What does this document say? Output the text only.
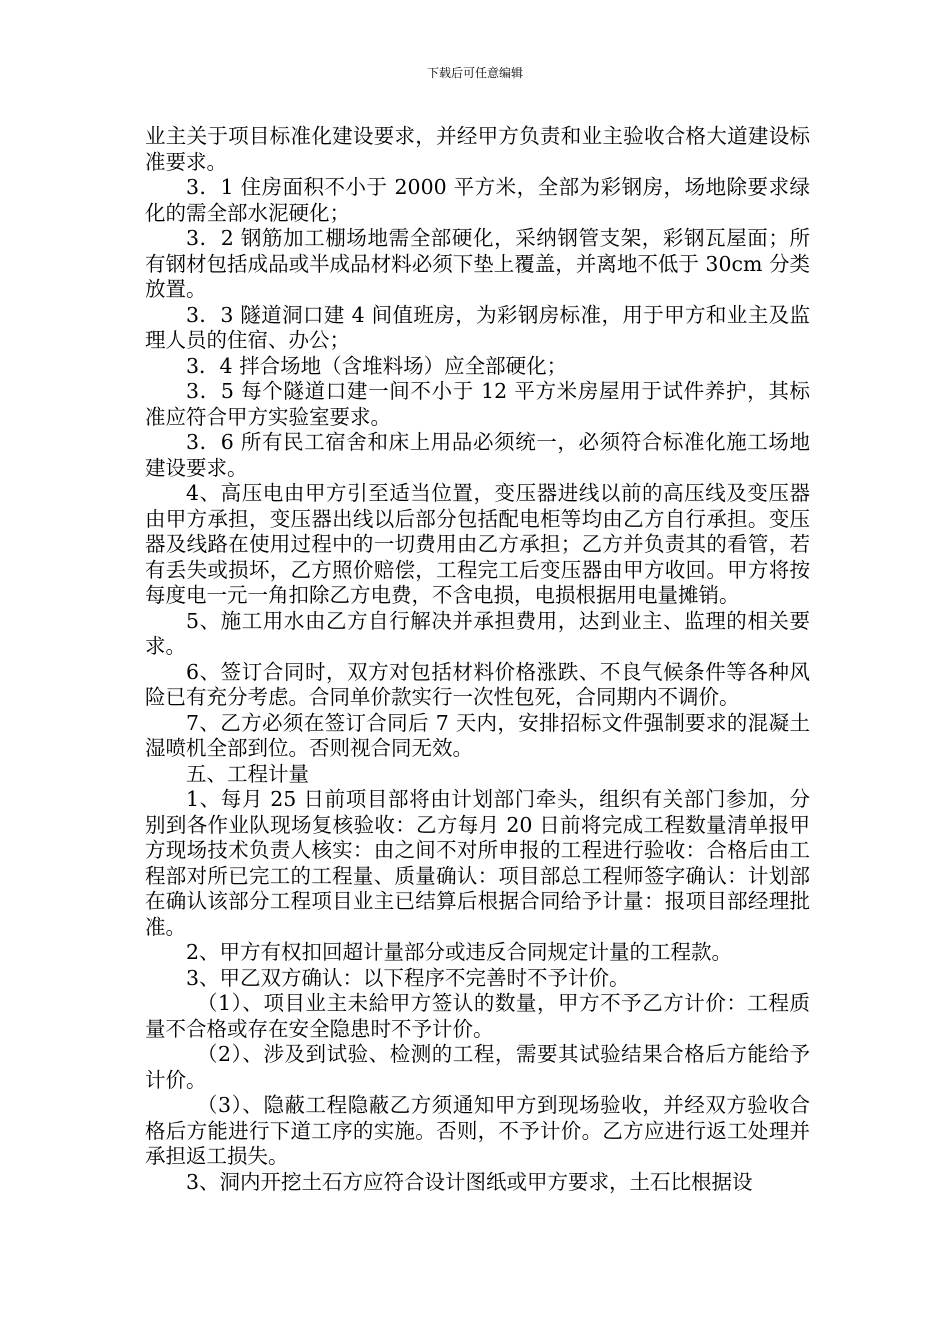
下载后可任意编辑

业主关于项目标准化建设要求，并经甲方负责和业主验收合格大道建设标准要求。

3．1 住房面积不小于 2000 平方米，全部为彩钢房，场地除要求绿化的需全部水泥硬化；

3．2 钢筋加工棚场地需全部硬化，采纳钢管支架，彩钢瓦屋面；所有钢材包括成品或半成品材料必须下垫上覆盖，并离地不低于 30cm 分类放置。

3．3 隧道洞口建 4 间值班房，为彩钢房标准，用于甲方和业主及监理人员的住宿、办公；

3．4 拌合场地（含堆料场）应全部硬化；

3．5 每个隧道口建一间不小于 12 平方米房屋用于试件养护，其标准应符合甲方实验室要求。

3．6 所有民工宿舍和床上用品必须统一，必须符合标准化施工场地建设要求。

4、高压电由甲方引至适当位置，变压器进线以前的高压线及变压器由甲方承担，变压器出线以后部分包括配电柜等均由乙方自行承担。变压器及线路在使用过程中的一切费用由乙方承担；乙方并负责其的看管，若有丢失或损坏，乙方照价赔偿，工程完工后变压器由甲方收回。甲方将按每度电一元一角扣除乙方电费，不含电损，电损根据用电量摊销。

5、施工用水由乙方自行解决并承担费用，达到业主、监理的相关要求。

6、签订合同时，双方对包括材料价格涨跌、不良气候条件等各种风险已有充分考虑。合同单价款实行一次性包死，合同期内不调价。

7、乙方必须在签订合同后 7 天内，安排招标文件强制要求的混凝土湿喷机全部到位。否则视合同无效。

五、工程计量

1、每月 25 日前项目部将由计划部门牵头，组织有关部门参加，分别到各作业队现场复核验收：乙方每月 20 日前将完成工程数量清单报甲方现场技术负责人核实：由之间不对所申报的工程进行验收：合格后由工程部对所已完工的工程量、质量确认：项目部总工程师签字确认：计划部在确认该部分工程项目业主已结算后根据合同给予计量：报项目部经理批准。

2、甲方有权扣回超计量部分或违反合同规定计量的工程款。

3、甲乙双方确认：以下程序不完善时不予计价。

（1）、项目业主未給甲方签认的数量，甲方不予乙方计价：工程质量不合格或存在安全隐患时不予计价。

（2）、涉及到试验、检测的工程，需要其试验结果合格后方能给予计价。

（3）、隐蔽工程隐蔽乙方须通知甲方到现场验收，并经双方验收合格后方能进行下道工序的实施。否则，不予计价。乙方应进行返工处理并承担返工损失。

3、洞内开挖土石方应符合设计图纸或甲方要求，土石比根据设
